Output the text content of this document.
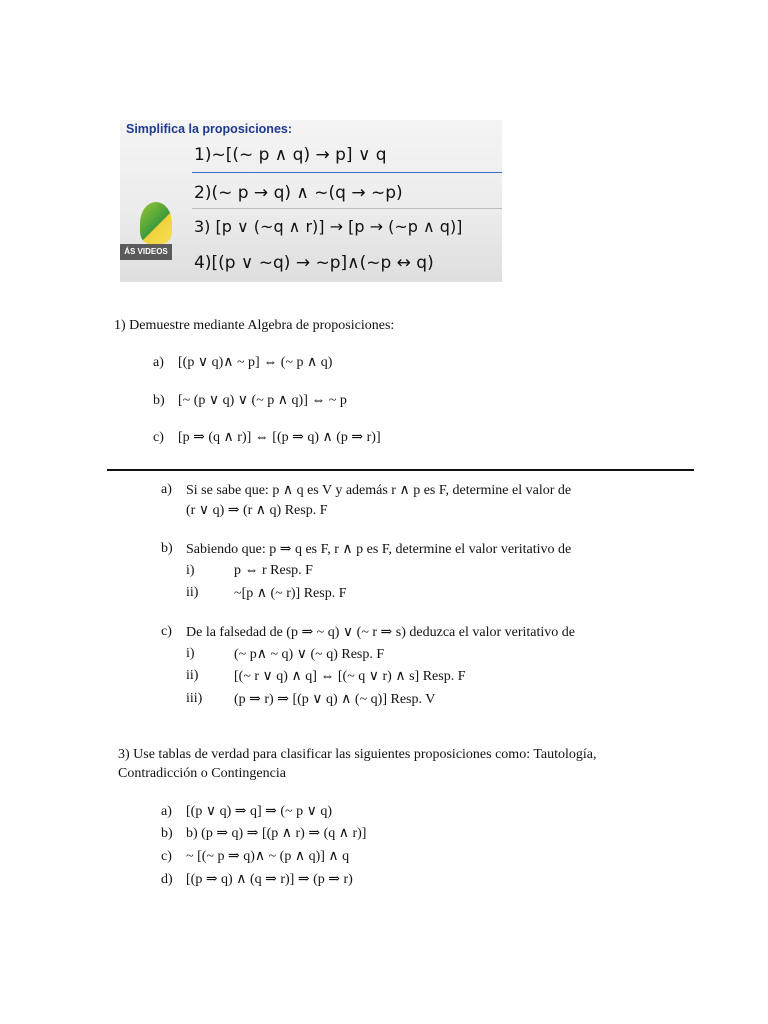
Simplifica la proposiciones:
ÁS VIDEOS
1)~[(~ p ∧ q) → p] ∨ q
2)(~ p → q) ∧ ~(q → ~p)
3) [p ∨ (~q ∧ r)] → [p → (~p ∧ q)]
4)[(p ∨ ~q) → ~p]∧(~p ↔ q)
1) Demuestre mediante Algebra de proposiciones:
a) [(p ∨ q)∧ ~ p] ⇔ (~ p ∧ q)
b) [~ (p ∨ q) ∨ (~ p ∧ q)] ⇔ ~ p
c) [p ⇒ (q ∧ r)] ⇔ [(p ⇒ q) ∧ (p ⇒ r)]
a) Si se sabe que: p ∧ q es V y además r ∧ p es F, determine el valor de
(r ∨ q) ⇒ (r ∧ q) Resp. F
b) Sabiendo que: p ⇒ q es F, r ∧ p es F, determine el valor veritativo de
i)	p ⇔ r Resp. F
ii)	~[p ∧ (~ r)] Resp. F
c) De la falsedad de (p ⇒ ~ q) ∨ (~ r ⇒ s) deduzca el valor veritativo de
i)	(~ p∧ ~ q) ∨ (~ q) Resp. F
ii)	[(~ r ∨ q) ∧ q] ⇔ [(~ q ∨ r) ∧ s] Resp. F
iii) (p ⇒ r) ⇒ [(p ∨ q) ∧ (~ q)] Resp. V
3) Use tablas de verdad para clasificar las siguientes proposiciones como: Tautología,
Contradicción o Contingencia
a) [(p ∨ q) ⇒ q] ⇒ (~ p ∨ q)
b) b) (p ⇒ q) ⇒ [(p ∧ r) ⇒ (q ∧ r)]
c) ~ [(~ p ⇒ q)∧ ~ (p ∧ q)] ∧ q
d) [(p ⇒ q) ∧ (q ⇒ r)] ⇒ (p ⇒ r)
